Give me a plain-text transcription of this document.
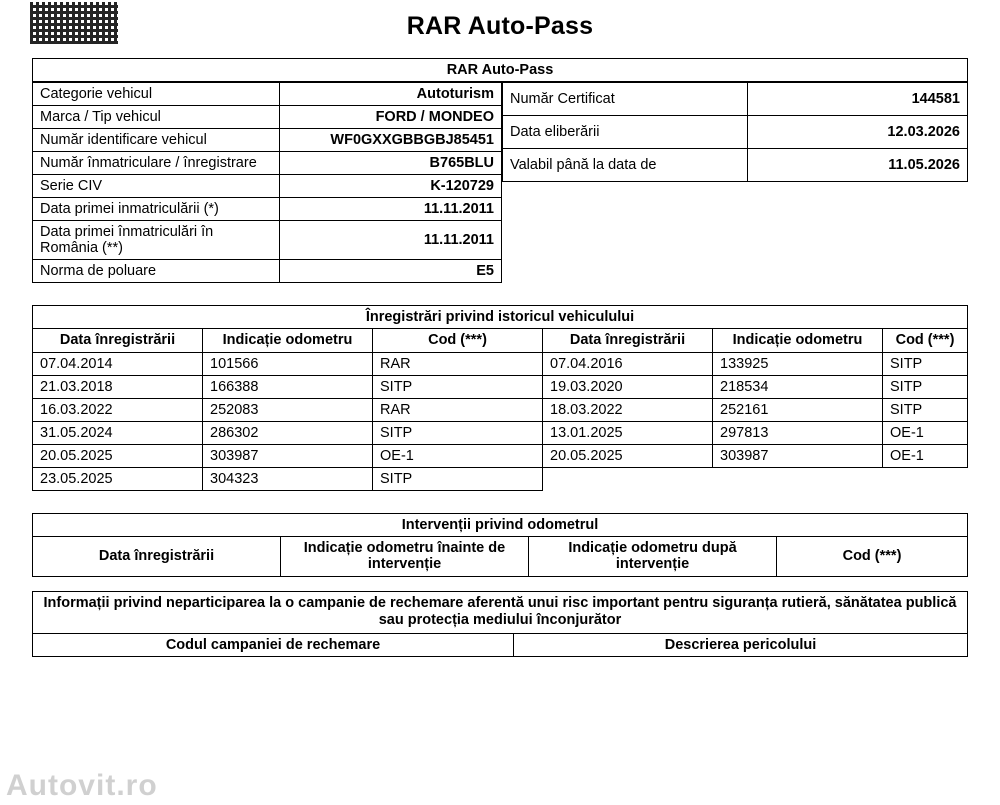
RAR Auto-Pass
RAR Auto-Pass
Categorie vehicul	Autoturism
Marca / Tip vehicul	FORD / MONDEO
Număr identificare vehicul	WF0GXXGBBGBJ85451
Număr înmatriculare / înregistrare	B765BLU
Serie CIV	K-120729
Data primei inmatriculării (*)	11.11.2011
Data primei înmatriculări în România (**)	11.11.2011
Norma de poluare	E5
Număr Certificat	144581
Data eliberării	12.03.2026
Valabil până la data de	11.05.2026
Înregistrări privind istoricul vehiculului
Data înregistrării	Indicație odometru	Cod (***)	Data înregistrării	Indicație odometru	Cod (***)
07.04.2014	101566	RAR	07.04.2016	133925	SITP
21.03.2018	166388	SITP	19.03.2020	218534	SITP
16.03.2022	252083	RAR	18.03.2022	252161	SITP
31.05.2024	286302	SITP	13.01.2025	297813	OE-1
20.05.2025	303987	OE-1	20.05.2025	303987	OE-1
23.05.2025	304323	SITP			
Intervenții privind odometrul
Data înregistrării	Indicație odometru înainte de intervenție	Indicație odometru după intervenție	Cod (***)
Informații privind neparticiparea la o campanie de rechemare aferentă unui risc important pentru siguranța rutieră, sănătatea publică sau protecția mediului înconjurător
Codul campaniei de rechemare	Descrierea pericolului
Autovit.ro
